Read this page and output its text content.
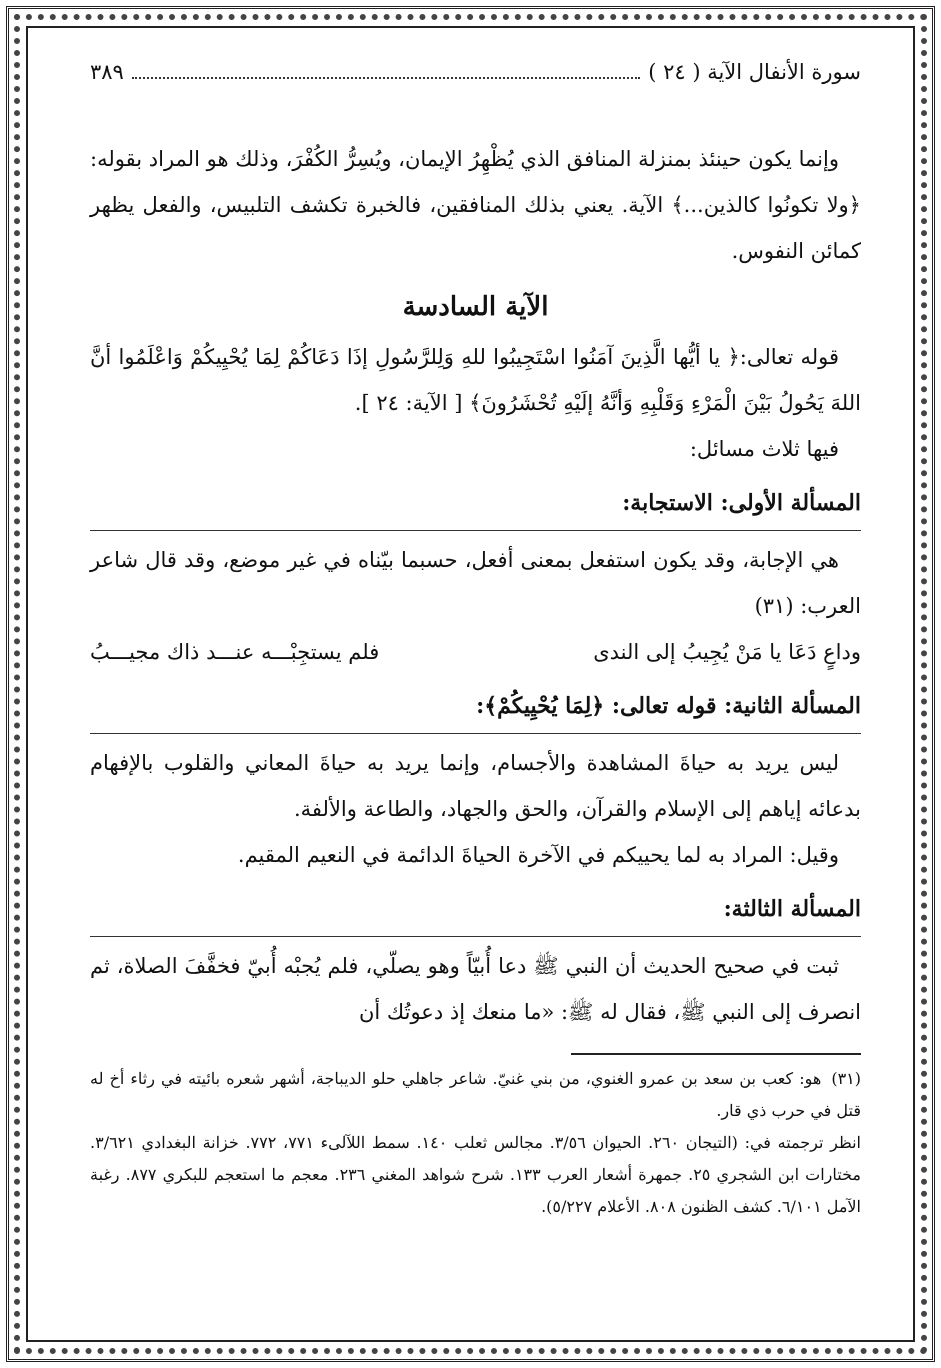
سورة الأنفال الآية ( ٢٤ )
٣٨٩

وإنما يكون حينئذ بمنزلة المنافق الذي يُظْهِرُ الإيمان، ويُسِرُّ الكُفْرَ، وذلك هو المراد بقوله: ﴿ولا تكونُوا كالذين...﴾ الآية. يعني بذلك المنافقين، فالخبرة تكشف التلبيس، والفعل يظهر كمائن النفوس.

الآية السادسة

قوله تعالى:﴿ يا أيُّها الَّذِينَ آمَنُوا اسْتَجِيبُوا للهِ وَلِلرَّسُولِ إذَا دَعَاكُمْ لِمَا يُحْيِيكُمْ وَاعْلَمُوا أنَّ اللهَ يَحُولُ بَيْنَ الْمَرْءِ وَقَلْبِهِ وَأنَّهُ إلَيْهِ تُحْشَرُونَ﴾ [ الآية: ٢٤ ].

فيها ثلاث مسائل:

المسألة الأولى: الاستجابة:

هي الإجابة، وقد يكون استفعل بمعنى أفعل، حسبما بيّناه في غير موضع، وقد قال شاعر العرب: (٣١)

وداعٍ دَعَا يا مَنْ يُجِيبُ إلى الندى
فلم يستجِبْـــه عنـــد ذاك مجيـــبُ
المسألة الثانية: قوله تعالى: ﴿لِمَا يُحْيِيكُمْ﴾:

ليس يريد به حياةَ المشاهدة والأجسام، وإنما يريد به حياةَ المعاني والقلوب بالإفهام بدعائه إياهم إلى الإسلام والقرآن، والحق والجهاد، والطاعة والألفة.

وقيل: المراد به لما يحييكم في الآخرة الحياةَ الدائمة في النعيم المقيم.

المسألة الثالثة:

ثبت في صحيح الحديث أن النبي ﷺ دعا أُبيّاً وهو يصلّي، فلم يُجبْه أُبيّ فخفَّفَ الصلاة، ثم انصرف إلى النبي ﷺ، فقال له ﷺ: «ما منعك إذ دعوتُك أن

(٣١)هو: كعب بن سعد بن عمرو الغنوي، من بني غنيّ. شاعر جاهلي حلو الديباجة، أشهر شعره بائيته في رثاء أخ له قتل في حرب ذي قار.

انظر ترجمته في: (التيجان ٢٦٠. الحيوان ٣/٥٦. مجالس ثعلب ١٤٠. سمط اللآلىء ٧٧١، ٧٧٢. خزانة البغدادي ٣/٦٢١. مختارات ابن الشجري ٢٥. جمهرة أشعار العرب ١٣٣. شرح شواهد المغني ٢٣٦. معجم ما استعجم للبكري ٨٧٧. رغبة الآمل ٦/١٠١. كشف الظنون ٨٠٨. الأعلام ٥/٢٢٧).
